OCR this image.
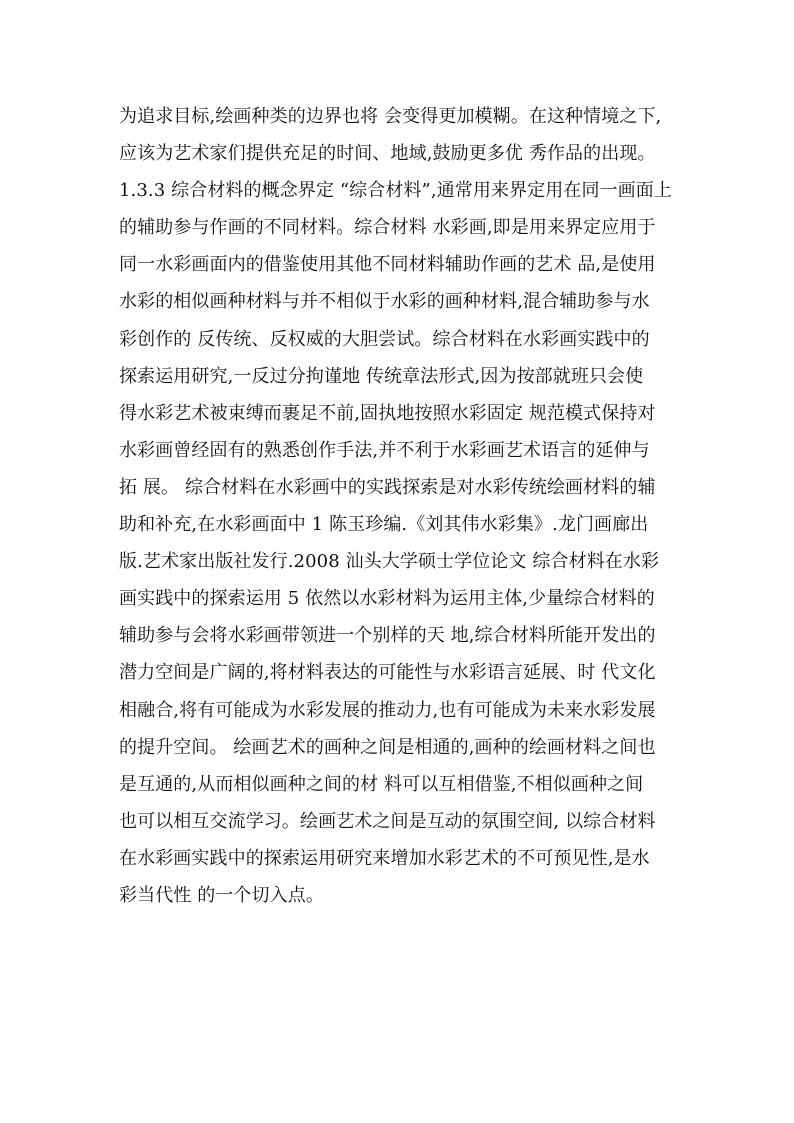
为追求目标,绘画种类的边界也将 会变得更加模糊。在这种情境之下,
应该为艺术家们提供充足的时间、地域,鼓励更多优 秀作品的出现。
1.3.3 综合材料的概念界定 “综合材料”,通常用来界定用在同一画面上
的辅助参与作画的不同材料。综合材料 水彩画,即是用来界定应用于
同一水彩画面内的借鉴使用其他不同材料辅助作画的艺术 品,是使用
水彩的相似画种材料与并不相似于水彩的画种材料,混合辅助参与水
彩创作的 反传统、反权威的大胆尝试。综合材料在水彩画实践中的
探索运用研究,一反过分拘谨地 传统章法形式,因为按部就班只会使
得水彩艺术被束缚而裹足不前,固执地按照水彩固定 规范模式保持对
水彩画曾经固有的熟悉创作手法,并不利于水彩画艺术语言的延伸与
拓 展。 综合材料在水彩画中的实践探索是对水彩传统绘画材料的辅
助和补充,在水彩画面中 1 陈玉珍编.《刘其伟水彩集》.龙门画廊出
版.艺术家出版社发行.2008 汕头大学硕士学位论文 综合材料在水彩
画实践中的探索运用 5 依然以水彩材料为运用主体,少量综合材料的
辅助参与会将水彩画带领进一个别样的天 地,综合材料所能开发出的
潜力空间是广阔的,将材料表达的可能性与水彩语言延展、时 代文化
相融合,将有可能成为水彩发展的推动力,也有可能成为未来水彩发展
的提升空间。 绘画艺术的画种之间是相通的,画种的绘画材料之间也
是互通的,从而相似画种之间的材 料可以互相借鉴,不相似画种之间
也可以相互交流学习。绘画艺术之间是互动的氛围空间, 以综合材料
在水彩画实践中的探索运用研究来增加水彩艺术的不可预见性,是水
彩当代性 的一个切入点。
